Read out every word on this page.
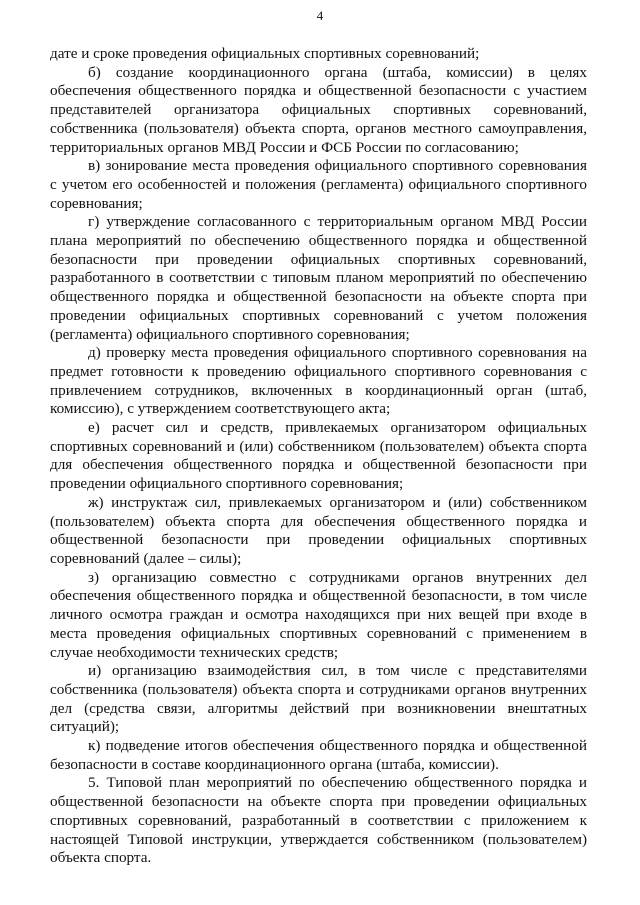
4

дате и сроке проведения официальных спортивных соревнований;

б) создание координационного органа (штаба, комиссии) в целях обеспечения общественного порядка и общественной безопасности с участием представителей организатора официальных спортивных соревнований, собственника (пользователя) объекта спорта, органов местного самоуправления, территориальных органов МВД России и ФСБ России по согласованию;

в) зонирование места проведения официального спортивного соревнования с учетом его особенностей и положения (регламента) официального спортивного соревнования;

г) утверждение согласованного с территориальным органом МВД России плана мероприятий по обеспечению общественного порядка и общественной безопасности при проведении официальных спортивных соревнований, разработанного в соответствии с типовым планом мероприятий по обеспечению общественного порядка и общественной безопасности на объекте спорта при проведении официальных спортивных соревнований с учетом положения (регламента) официального спортивного соревнования;

д) проверку места проведения официального спортивного соревнования на предмет готовности к проведению официального спортивного соревнования с привлечением сотрудников, включенных в координационный орган (штаб, комиссию), с утверждением соответствующего акта;

е) расчет сил и средств, привлекаемых организатором официальных спортивных соревнований и (или) собственником (пользователем) объекта спорта для обеспечения общественного порядка и общественной безопасности при проведении официального спортивного соревнования;

ж) инструктаж сил, привлекаемых организатором и (или) собственником (пользователем) объекта спорта для обеспечения общественного порядка и общественной безопасности при проведении официальных спортивных соревнований (далее – силы);

з) организацию совместно с сотрудниками органов внутренних дел обеспечения общественного порядка и общественной безопасности, в том числе личного осмотра граждан и осмотра находящихся при них вещей при входе в места проведения официальных спортивных соревнований с применением в случае необходимости технических средств;

и) организацию взаимодействия сил, в том числе с представителями собственника (пользователя) объекта спорта и сотрудниками органов внутренних дел (средства связи, алгоритмы действий при возникновении внештатных ситуаций);

к) подведение итогов обеспечения общественного порядка и общественной безопасности в составе координационного органа (штаба, комиссии).

5. Типовой план мероприятий по обеспечению общественного порядка и общественной безопасности на объекте спорта при проведении официальных спортивных соревнований, разработанный в соответствии с приложением к настоящей Типовой инструкции, утверждается собственником (пользователем) объекта спорта.
